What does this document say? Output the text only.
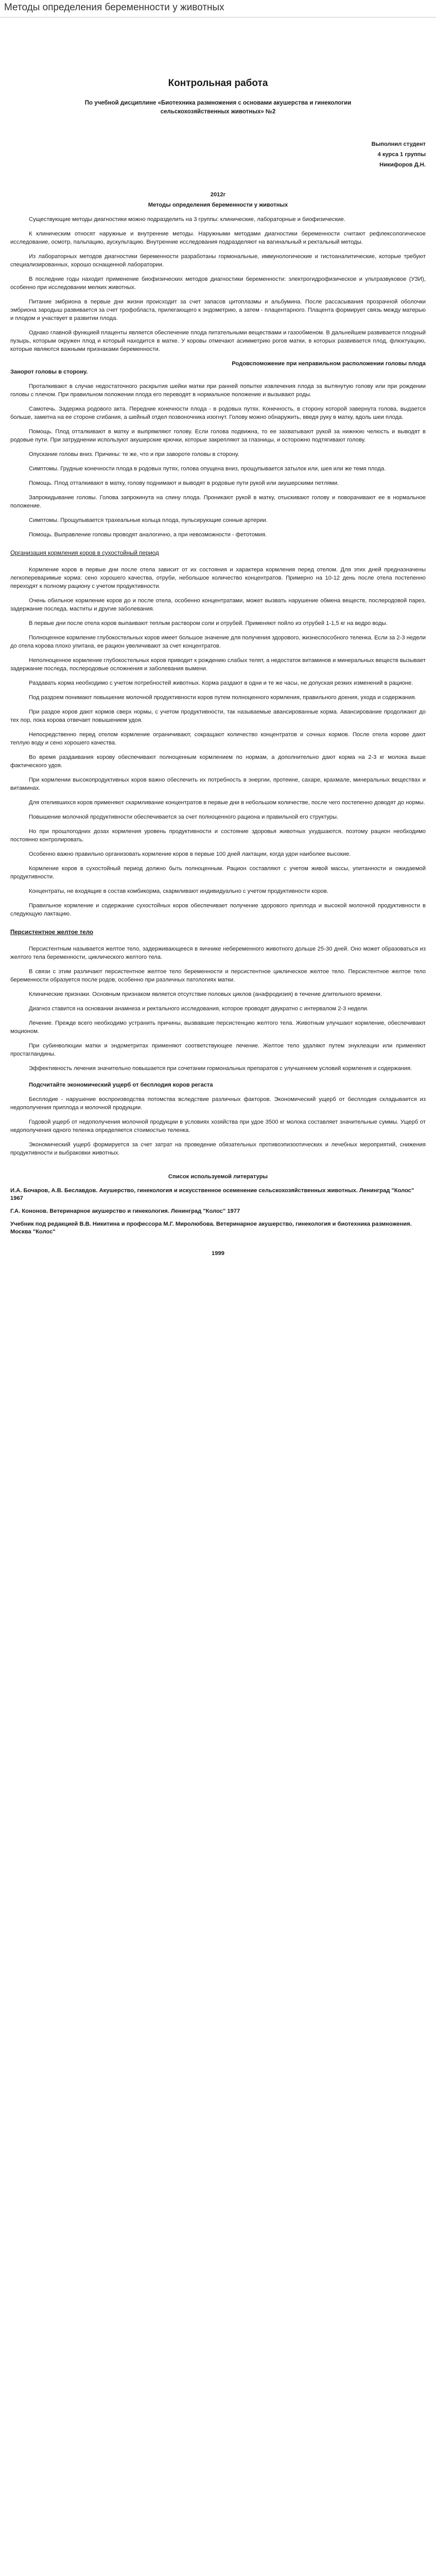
Методы определения беременности у животных
Контрольная работа
По учебной дисциплине «Биотехника размножения с основами акушерства и гинекологии сельскохозяйственных животных» №2
Выполнил студент
4 курса 1 группы
Никифоров Д.Н.
2012г
Методы определения беременности у животных

Существующие методы диагностики можно подразделить на 3 группы: клинические, лабораторные и биофизические.

К клиническим относят наружные и внутренние методы. Наружными методами диагностики беременности считают рефлексологическое исследование, осмотр, пальпацию, аускультацию. Внутренние исследования подразделяют на вагинальный и ректальный методы.

Из лабораторных методов диагностики беременности разработаны гормональные, иммунологические и гистоаналитические, которые требуют специализированных, хорошо оснащенной лаборатории.

В последние годы находит применение биофизических методов диагностики беременности: электрогидрофизическое и ультразвуковое (УЗИ), особенно при исследовании мелких животных.

Питание эмбриона в первые дни жизни происходит за счет запасов цитоплазмы и альбумина. После рассасывания прозрачной оболочки эмбриона зародыш развивается за счет трофобласта, прилегающего к эндометрию, а затем - плацентарного. Плацента формирует связь между матерью и плодом и участвует в развитии плода.

Однако главной функцией плаценты является обеспечение плода питательными веществами и газообменом. В дальнейшем развивается плодный пузырь, которым окружен плод и который находится в матке. У коровы отмечают асимметрию рогов матки, в которых развивается плод, флюктуацию, которые являются важными признаками беременности.

Родовспоможение при неправильном расположении головы плода
Занорот головы в сторону.

Проталкивают в случае недостаточного раскрытия шейки матки при ранней попытке извлечения плода за вытянутую голову или при рождении головы с плечом. При правильном положении плода его переводят в нормальное положение и вызывают роды.

Самотечь. Задержка родового акта. Передние конечности плода - в родовых путях. Конечность, в сторону которой завернута голова, выдается больше, заметна на ее стороне сгибания, а шейный отдел позвоночника изогнут. Голову можно обнаружить, введя руку в матку, вдоль шеи плода.

Помощь. Плод отталкивают в матку и выпрямляют голову. Если голова подвижна, то ее захватывают рукой за нижнюю челюсть и выводят в родовые пути. При затруднении используют акушерские крючки, которые закрепляют за глазницы, и осторожно подтягивают голову.

Опускание головы вниз. Причины: те же, что и при завороте головы в сторону.

Симптомы. Грудные конечности плода в родовых путях, голова опущена вниз, прощупывается затылок или, шея или же темя плода.

Помощь. Плод отталкивают в матку, голову поднимают и выводят в родовые пути рукой или акушерскими петлями.

Запрокидывание головы. Голова запрокинута на спину плода. Проникают рукой в матку, отыскивают голову и поворачивают ее в нормальное положение.

Симптомы. Прощупывается трахеальные кольца плода, пульсирующие сонные артерии.

Помощь. Выправление головы проводят аналогично, а при невозможности - фетотомия.

Организация кормления коров в сухостойный период

Кормление коров в первые дни после отела зависит от их состояния и характера кормления перед отелом. Для этих дней предназначены легкопереваримые корма: сено хорошего качества, отруби, небольшое количество концентратов. Примерно на 10-12 день после отела постепенно переходят к полному рациону с учетом продуктивности.

Очень обильное кормление коров до и после отела, особенно концентратами, может вызвать нарушение обмена веществ, послеродовой парез, задержание последа, маститы и другие заболевания.

В первые дни после отела коров выпаивают теплым раствором соли и отрубей. Применяют пойло из отрубей 1-1,5 кг на ведро воды.

Полноценное кормление глубокостельных коров имеет большое значение для получения здорового, жизнеспособного теленка. Если за 2-3 недели до отела корова плохо упитана, ее рацион увеличивают за счет концентратов.

Неполноценное кормление глубокостельных коров приводит к рождению слабых телят, а недостаток витаминов и минеральных веществ вызывает задержание последа, послеродовые осложнения и заболевания вымени.

Раздавать корма необходимо с учетом потребностей животных. Корма раздают в одни и те же часы, не допуская резких изменений в рационе.

Под раздоем понимают повышение молочной продуктивности коров путем полноценного кормления, правильного доения, ухода и содержания.

При раздое коров дают кормов сверх нормы, с учетом продуктивности, так называемые авансированные корма. Авансирование продолжают до тех пор, пока корова отвечает повышением удоя.

Непосредственно перед отелом кормление ограничивают, сокращают количество концентратов и сочных кормов. После отела корове дают теплую воду и сено хорошего качества.

Во время раздаивания корову обеспечивают полноценным кормлением по нормам, а дополнительно дают корма на 2-3 кг молока выше фактического удоя.

При кормлении высокопродуктивных коров важно обеспечить их потребность в энергии, протеине, сахаре, крахмале, минеральных веществах и витаминах.

Для отелившихся коров применяют скармливание концентратов в первые дни в небольшом количестве, после чего постепенно доводят до нормы.

Повышение молочной продуктивности обеспечивается за счет полноценного рациона и правильной его структуры.

Но при прошлогодних дозах кормления уровень продуктивности и состояние здоровья животных ухудшаются, поэтому рацион необходимо постоянно контролировать.

Особенно важно правильно организовать кормление коров в первые 100 дней лактации, когда удои наиболее высокие.

Кормление коров в сухостойный период должно быть полноценным. Рацион составляют с учетом живой массы, упитанности и ожидаемой продуктивности.

Концентраты, не входящие в состав комбикорма, скармливают индивидуально с учетом продуктивности коров.

Правильное кормление и содержание сухостойных коров обеспечивает получение здорового приплода и высокой молочной продуктивности в следующую лактацию.

Персистентное желтое тело

Персистентным называется желтое тело, задерживающееся в яичнике небеременного животного дольше 25-30 дней. Оно может образоваться из желтого тела беременности, циклического желтого тела.

В связи с этим различают персистентное желтое тело беременности и персистентное циклическое желтое тело. Персистентное желтое тело беременности образуется после родов, особенно при различных патологиях матки.

Клинические признаки. Основным признаком является отсутствие половых циклов (анафродизия) в течение длительного времени.

Диагноз ставится на основании анамнеза и ректального исследования, которое проводят двукратно с интервалом 2-3 недели.

Лечение. Прежде всего необходимо устранить причины, вызвавшие персистенцию желтого тела. Животным улучшают кормление, обеспечивают моционом.

При субинволюции матки и эндометритах применяют соответствующее лечение. Желтое тело удаляют путем энуклеации или применяют простагландины.

Эффективность лечения значительно повышается при сочетании гормональных препаратов с улучшением условий кормления и содержания.

Подсчитайте экономический ущерб от бесплодия коров регаста

Бесплодие - нарушение воспроизводства потомства вследствие различных факторов. Экономический ущерб от бесплодия складывается из недополучения приплода и молочной продукции.

Годовой ущерб от недополучения молочной продукции в условиях хозяйства при удое 3500 кг молока составляет значительные суммы. Ущерб от недополучения одного теленка определяется стоимостью теленка.

Экономический ущерб формируется за счет затрат на проведение обязательных противоэпизоотических и лечебных мероприятий, снижения продуктивности и выбраковки животных.

Список используемой литературы
И.А. Бочаров, А.В. Беславдов. Акушерство, гинекология и искусственное осеменение сельскохозяйственных животных. Ленинград "Колос" 1967
Г.А. Кононов. Ветеринарное акушерство и гинекология. Ленинград "Колос" 1977
Учебник под редакцией В.В. Никитина и профессора М.Г. Миролюбова. Ветеринарное акушерство, гинекология и биотехника размножения. Москва "Колос"
1999
